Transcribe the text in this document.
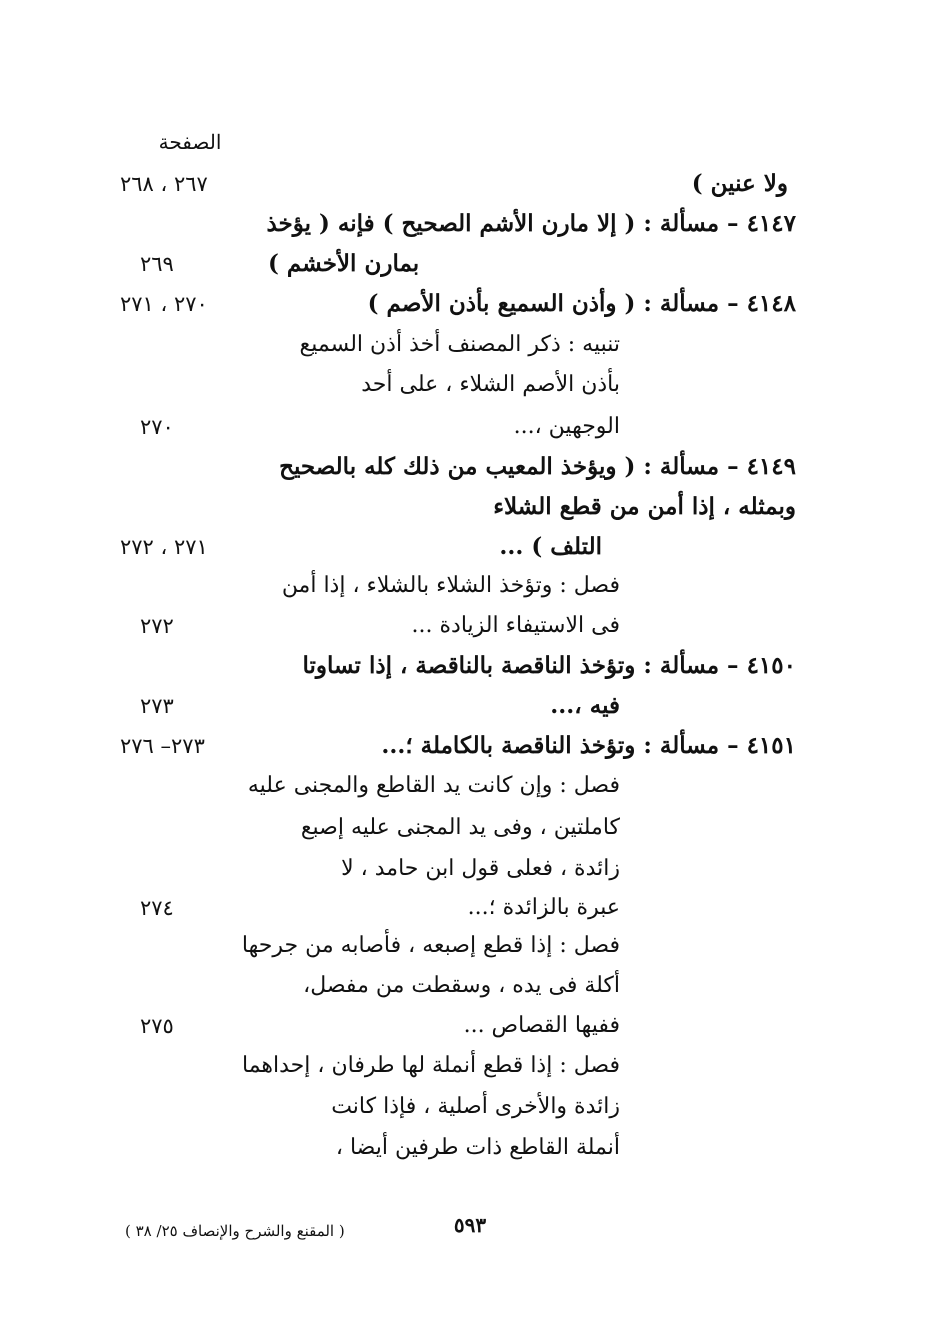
الصفحة
ولا عنين )
٢٦٧ ، ٢٦٨
٤١٤٧ – مسألة : ( إلا مارن الأشم الصحيح ) فإنه ( يؤخذ
بمارن الأخشم )
٢٦٩
٤١٤٨ – مسألة : ( وأذن السميع بأذن الأصم )
٢٧٠ ، ٢٧١
تنبيه : ذكر المصنف أخذ أذن السميع
بأذن الأصم الشلاء ، على أحد
الوجهين ،...
٢٧٠
٤١٤٩ – مسألة : ( ويؤخذ المعيب من ذلك كله بالصحيح
وبمثله ، إذا أمن من قطع الشلاء
التلف ) ...
٢٧١ ، ٢٧٢
فصل : وتؤخذ الشلاء بالشلاء ، إذا أمن
فى الاستيفاء الزيادة ...
٢٧٢
٤١٥٠ – مسألة : وتؤخذ الناقصة بالناقصة ، إذا تساوتا
فيه ،...
٢٧٣
٤١٥١ – مسألة : وتؤخذ الناقصة بالكاملة ؛...
٢٧٣– ٢٧٦
فصل : وإن كانت يد القاطع والمجنى عليه
كاملتين ، وفى يد المجنى عليه إصبع
زائدة ، فعلى قول ابن حامد ، لا
عبرة بالزائدة ؛...
٢٧٤
فصل : إذا قطع إصبعه ، فأصابه من جرحها
أكلة فى يده ، وسقطت من مفصل،
ففيها القصاص ...
٢٧٥
فصل : إذا قطع أنملة لها طرفان ، إحداهما
زائدة والأخرى أصلية ، فإذا كانت
أنملة القاطع ذات طرفين أيضا ،
٥٩٣
( المقنع والشرح والإنصاف ٢٥/ ٣٨ )
